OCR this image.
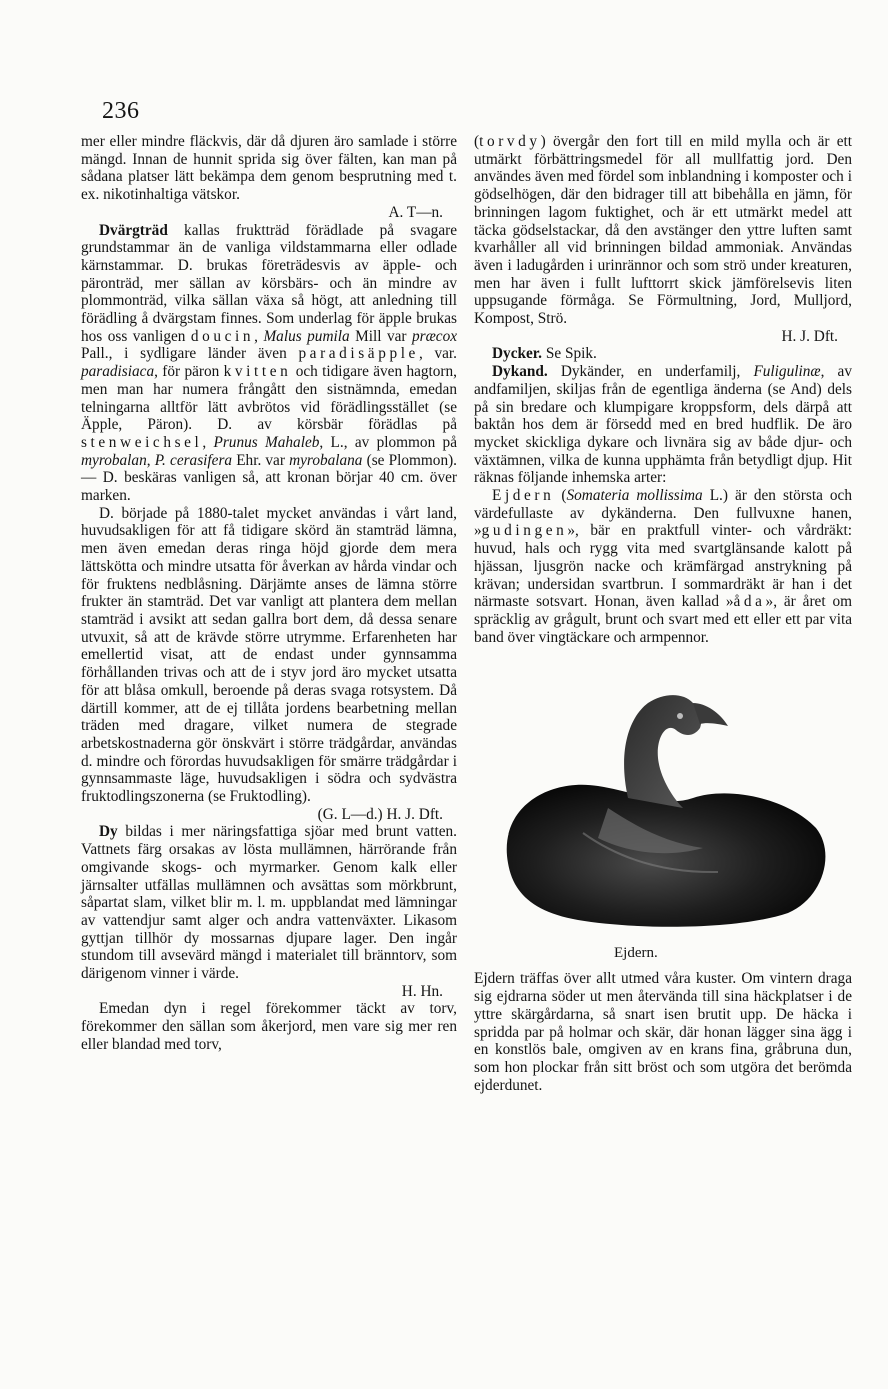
236

mer eller mindre fläckvis, där då djuren äro samlade i större mängd. Innan de hunnit sprida sig över fälten, kan man på sådana platser lätt bekämpa dem genom besprutning med t. ex. nikotinhaltiga vätskor.

A. T—n.

Dvärgträd kallas fruktträd förädlade på svagare grundstammar än de vanliga vildstammarna eller odlade kärnstammar. D. brukas företrädesvis av äpple- och päronträd, mer sällan av körsbärs- och än mindre av plommonträd, vilka sällan växa så högt, att anledning till förädling å dvärgstam finnes. Som underlag för äpple brukas hos oss vanligen doucin, Malus pumila Mill var præcox Pall., i sydligare länder även paradisäpple, var. paradisiaca, för päron kvitten och tidigare även hagtorn, men man har numera frångått den sistnämnda, emedan telningarna alltför lätt avbrötos vid förädlingsstället (se Äpple, Päron). D. av körsbär förädlas på stenweichsel, Prunus Mahaleb, L., av plommon på myrobalan, P. cerasifera Ehr. var myrobalana (se Plommon). — D. beskäras vanligen så, att kronan börjar 40 cm. över marken.

D. började på 1880-talet mycket användas i vårt land, huvudsakligen för att få tidigare skörd än stamträd lämna, men även emedan deras ringa höjd gjorde dem mera lättskötta och mindre utsatta för åverkan av hårda vindar och för fruktens nedblåsning. Därjämte anses de lämna större frukter än stamträd. Det var vanligt att plantera dem mellan stamträd i avsikt att sedan gallra bort dem, då dessa senare utvuxit, så att de krävde större utrymme. Erfarenheten har emellertid visat, att de endast under gynnsamma förhållanden trivas och att de i styv jord äro mycket utsatta för att blåsa omkull, beroende på deras svaga rotsystem. Då därtill kommer, att de ej tillåta jordens bearbetning mellan träden med dragare, vilket numera de stegrade arbetskostnaderna gör önskvärt i större trädgårdar, användas d. mindre och förordas huvudsakligen för smärre trädgårdar i gynnsammaste läge, huvudsakligen i södra och sydvästra fruktodlingszonerna (se Fruktodling).

(G. L—d.) H. J. Dft.

Dy bildas i mer näringsfattiga sjöar med brunt vatten. Vattnets färg orsakas av lösta mullämnen, härrörande från omgivande skogs- och myrmarker. Genom kalk eller järnsalter utfällas mullämnen och avsättas som mörkbrunt, såpartat slam, vilket blir m. l. m. uppblandat med lämningar av vattendjur samt alger och andra vattenväxter. Likasom gyttjan tillhör dy mossarnas djupare lager. Den ingår stundom till avsevärd mängd i materialet till bränntorv, som därigenom vinner i värde.

H. Hn.

Emedan dyn i regel förekommer täckt av torv, förekommer den sällan som åkerjord, men vare sig mer ren eller blandad med torv,

(torvdy) övergår den fort till en mild mylla och är ett utmärkt förbättringsmedel för all mullfattig jord. Den användes även med fördel som inblandning i komposter och i gödselhögen, där den bidrager till att bibehålla en jämn, för brinningen lagom fuktighet, och är ett utmärkt medel att täcka gödselstackar, då den avstänger den yttre luften samt kvarhåller all vid brinningen bildad ammoniak. Användas även i ladugården i urinrännor och som strö under kreaturen, men har även i fullt lufttorrt skick jämförelsevis liten uppsugande förmåga. Se Förmultning, Jord, Mulljord, Kompost, Strö.

H. J. Dft.

Dycker. Se Spik.

Dykand. Dykänder, en underfamilj, Fuligulinæ, av andfamiljen, skiljas från de egentliga änderna (se And) dels på sin bredare och klumpigare kroppsform, dels därpå att baktån hos dem är försedd med en bred hudflik. De äro mycket skickliga dykare och livnära sig av både djur- och växtämnen, vilka de kunna upphämta från betydligt djup. Hit räknas följande inhemska arter:

Ejdern (Somateria mollissima L.) är den största och värdefullaste av dykänderna. Den fullvuxne hanen, »gudingen», bär en praktfull vinter- och vårdräkt: huvud, hals och rygg vita med svartglänsande kalott på hjässan, ljusgrön nacke och krämfärgad anstrykning på krävan; undersidan svartbrun. I sommardräkt är han i det närmaste sotsvart. Honan, även kallad »åda», är året om spräcklig av grågult, brunt och svart med ett eller ett par vita band över vingtäckare och armpennor.

Ejdern.

Ejdern träffas över allt utmed våra kuster. Om vintern draga sig ejdrarna söder ut men återvända till sina häckplatser i de yttre skärgårdarna, så snart isen brutit upp. De häcka i spridda par på holmar och skär, där honan lägger sina ägg i en konstlös bale, omgiven av en krans fina, gråbruna dun, som hon plockar från sitt bröst och som utgöra det berömda ejderdunet.
